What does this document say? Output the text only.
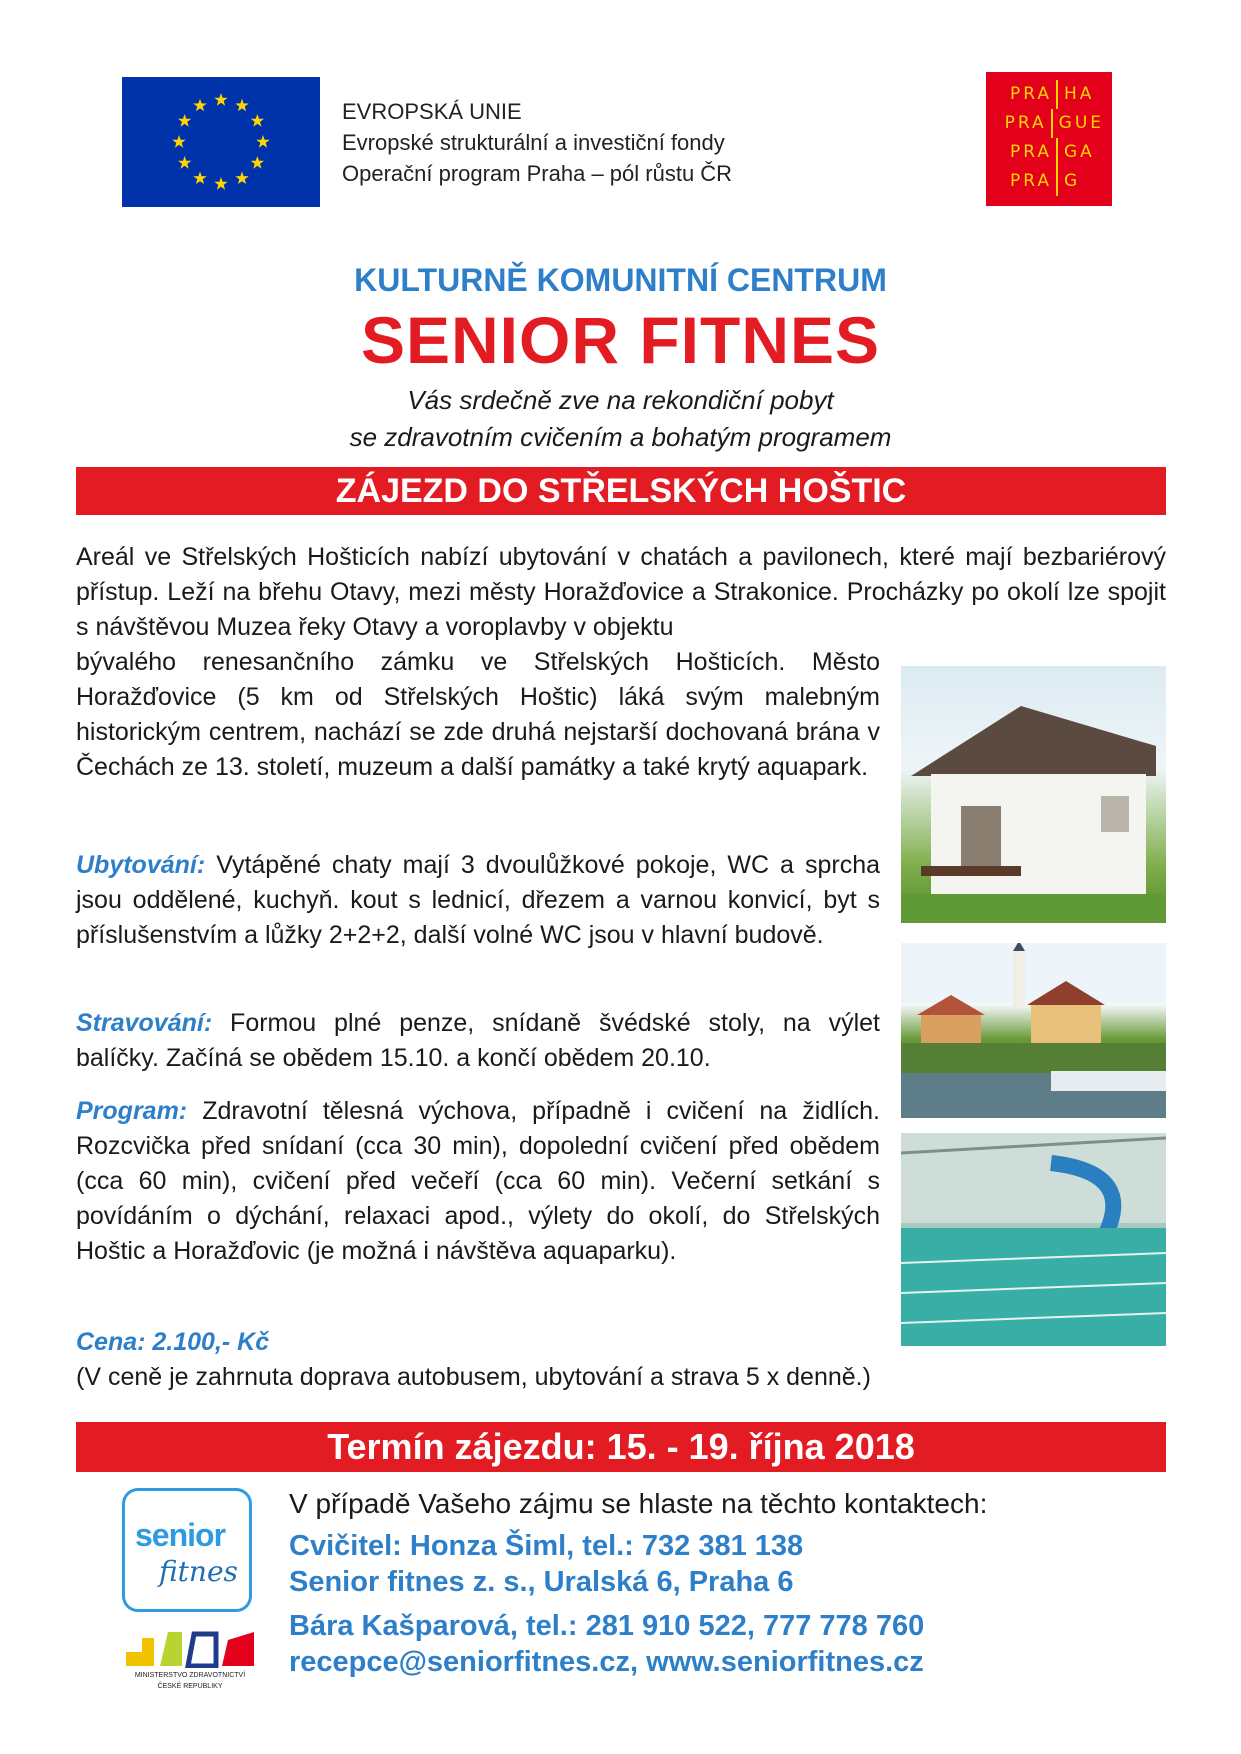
EVROPSKÁ UNIE
Evropské strukturální a investiční fondy
Operační program Praha – pól růstu ČR
PRA HA
PRA GUE
PRA GA
PRA G
KULTURNĚ KOMUNITNÍ CENTRUM
SENIOR FITNES
Vás srdečně zve na rekondiční pobyt
se zdravotním cvičením a bohatým programem
ZÁJEZD DO STŘELSKÝCH HOŠTIC
Areál ve Střelských Hošticích nabízí ubytování v chatách a pavilonech, které mají bezbariérový přístup. Leží na břehu Otavy, mezi městy Horažďovice a Strakonice. Procházky po okolí lze spojit s návštěvou Muzea řeky Otavy a voroplavby v objektu
bývalého renesančního zámku ve Střelských Hošticích. Město Horažďovice (5 km od Střelských Hoštic) láká svým malebným historickým centrem, nachází se zde druhá nejstarší dochovaná brána v Čechách ze 13. století, muzeum a další památky a také krytý aquapark.
Ubytování: Vytápěné chaty mají 3 dvoulůžkové pokoje, WC a sprcha jsou oddělené, kuchyň. kout s lednicí, dřezem a varnou konvicí, byt s příslušenstvím a lůžky 2+2+2, další volné WC jsou v hlavní budově.
Stravování: Formou plné penze, snídaně švédské stoly, na výlet balíčky. Začíná se obědem 15.10. a končí obědem 20.10.
Program: Zdravotní tělesná výchova, případně i cvičení na židlích. Rozcvička před snídaní (cca 30 min), dopolední cvičení před obědem (cca 60 min), cvičení před večeří (cca 60 min). Večerní setkání s povídáním o dýchání, relaxaci apod., výlety do okolí, do Střelských Hoštic a Horažďovic (je možná i návštěva aquaparku).
Cena: 2.100,- Kč
(V ceně je zahrnuta doprava autobusem, ubytování a strava 5 x denně.)
Termín zájezdu: 15. - 19. října 2018
senior
fitnes
MINISTERSTVO ZDRAVOTNICTVÍ
ČESKÉ REPUBLIKY
V případě Vašeho zájmu se hlaste na těchto kontaktech:
Cvičitel: Honza Šiml, tel.: 732 381 138
Senior fitnes z. s., Uralská 6, Praha 6
Bára Kašparová, tel.: 281 910 522, 777 778 760
recepce@seniorfitnes.cz, www.seniorfitnes.cz
